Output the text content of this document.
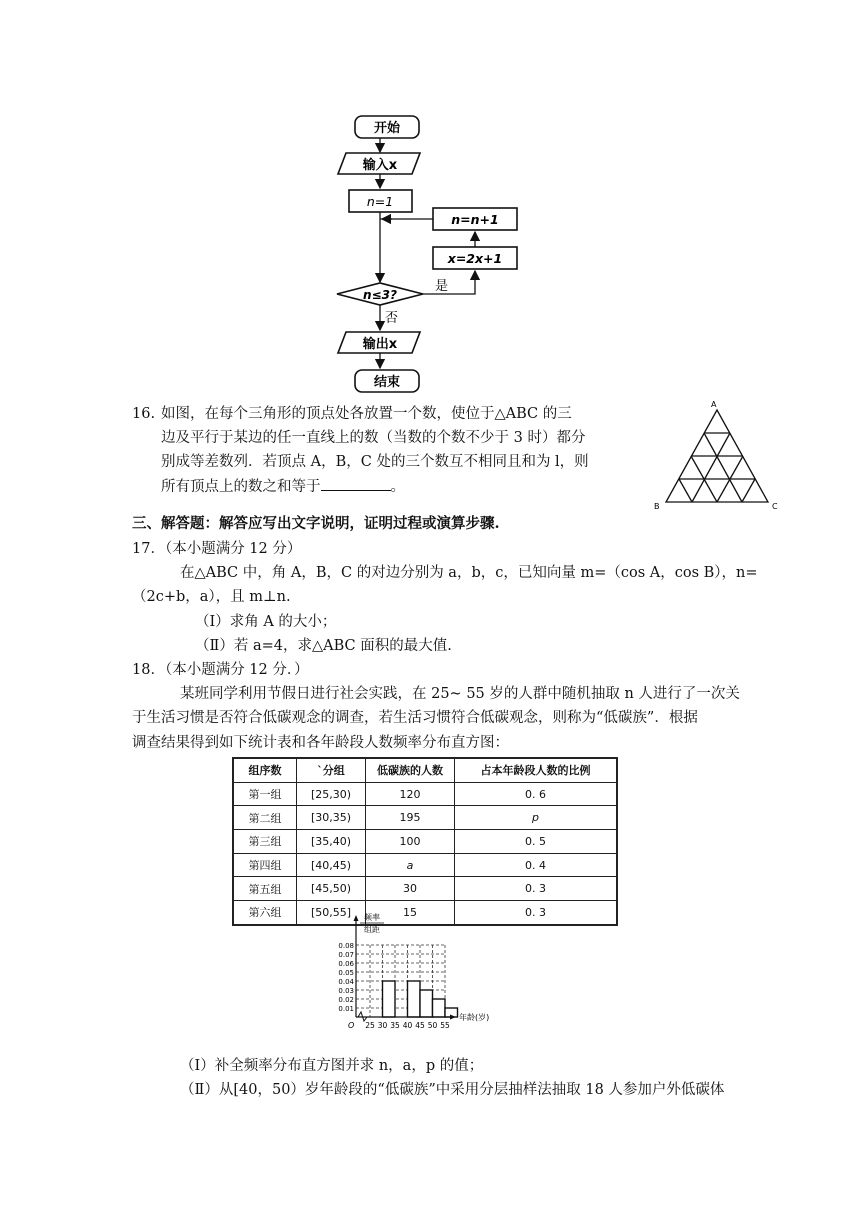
开始
输入x
n=1
n=n+1
x=2x+1
n≤3?
是
否
输出x
结束
16. 如图，在每个三角形的顶点处各放置一个数，使位于△ABC 的三
边及平行于某边的任一直线上的数（当数的个数不少于 3 时）都分
别成等差数列．若顶点 A，B，C 处的三个数互不相同且和为 l，则
所有顶点上的数之和等于	。
A
B	C
三、解答题：解答应写出文字说明，证明过程或演算步骤.
17．（本小题满分 12 分）
在△ABC 中，角 A，B，C 的对边分别为 a，b，c，已知向量 m=（cos A，cos B），n=
（2c+b，a），且 m⊥n.
（I）求角 A 的大小；
（Ⅱ）若 a=4，求△ABC 面积的最大值.
18．（本小题满分 12 分．）
某班同学利用节假日进行社会实践，在 25~ 55 岁的人群中随机抽取 n 人进行了一次关
于生活习惯是否符合低碳观念的调查，若生活习惯符合低碳观念，则称为“低碳族”．根据
调查结果得到如下统计表和各年龄段人数频率分布直方图：
组序数	`分组	低碳族的人数	占本年龄段人数的比例
第一组	[25,30)	120	0. 6
第二组	[30,35)	195	p
第三组	[35,40)	100	0. 5
第四组	[40,45)	a	0. 4
第五组	[45,50)	30	0. 3
第六组	[50,55]	15	0. 3
0.08
0.07
0.06
0.05
0.04
0.03
0.02
0.01
25 30 35 40 45 50 55
频率
组距
年龄(岁)
O
（I）补全频率分布直方图并求 n，a，p 的值；
（Ⅱ）从[40，50）岁年龄段的“低碳族”中采用分层抽样法抽取 18 人参加户外低碳体
